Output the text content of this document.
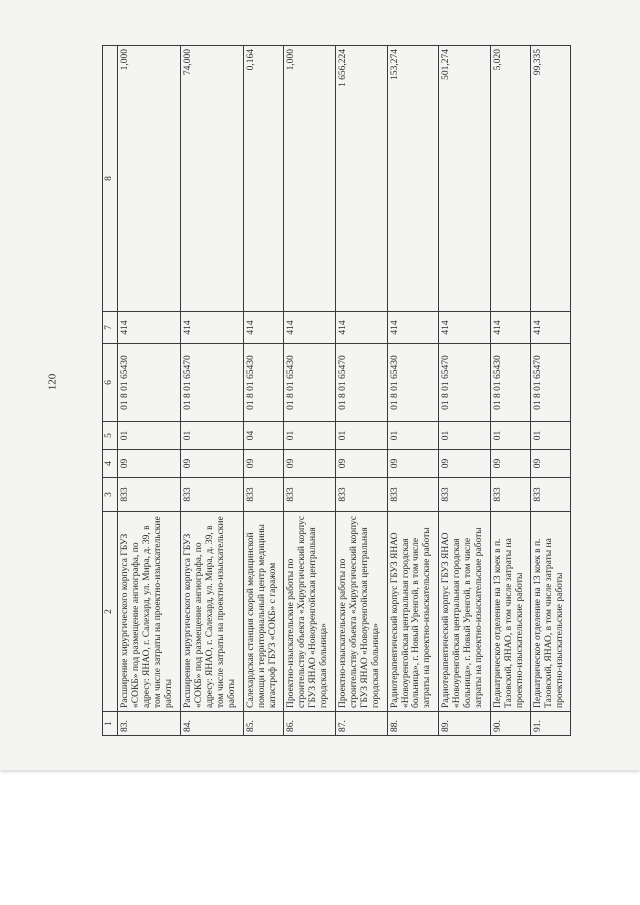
120
1	2	3	4	5	6	7	8
83.	Расширение хирургического корпуса ГБУЗ «СОКБ» под размещение ангиографа, по адресу: ЯНАО, г. Салехард, ул. Мира, д. 39, в том числе затраты на проектно-изыскательские работы	833	09	01	01 8 01 65430	414	1,000
84.	Расширение хирургического корпуса ГБУЗ «СОКБ» под размещение ангиографа, по адресу: ЯНАО, г. Салехард, ул. Мира, д. 39, в том числе затраты на проектно-изыскательские работы	833	09	01	01 8 01 65470	414	74,000
85.	Салехардская станция скорой медицинской помощи и территориальный центр медицины катастроф ГБУЗ «СОКБ» с гаражом	833	09	04	01 8 01 65430	414	0,164
86.	Проектно-изыскательские работы по строительству объекта «Хирургический корпус ГБУЗ ЯНАО «Новоуренгойская центральная городская больница»	833	09	01	01 8 01 65430	414	1,000
87.	Проектно-изыскательские работы по строительству объекта «Хирургический корпус ГБУЗ ЯНАО «Новоуренгойская центральная городская больница»	833	09	01	01 8 01 65470	414	1 656,224
88.	Радиотерапевтический корпус ГБУЗ ЯНАО «Новоуренгойская центральная городская больница», г. Новый Уренгой, в том числе затраты на проектно-изыскательские работы	833	09	01	01 8 01 65430	414	153,274
89.	Радиотерапевтический корпус ГБУЗ ЯНАО «Новоуренгойская центральная городская больница», г. Новый Уренгой, в том числе затраты на проектно-изыскательские работы	833	09	01	01 8 01 65470	414	501,274
90.	Педиатрическое отделение на 13 коек в п. Тазовский, ЯНАО, в том числе затраты на проектно-изыскательские работы	833	09	01	01 8 01 65430	414	5,020
91.	Педиатрическое отделение на 13 коек в п. Тазовский, ЯНАО, в том числе затраты на проектно-изыскательские работы	833	09	01	01 8 01 65470	414	99,335
